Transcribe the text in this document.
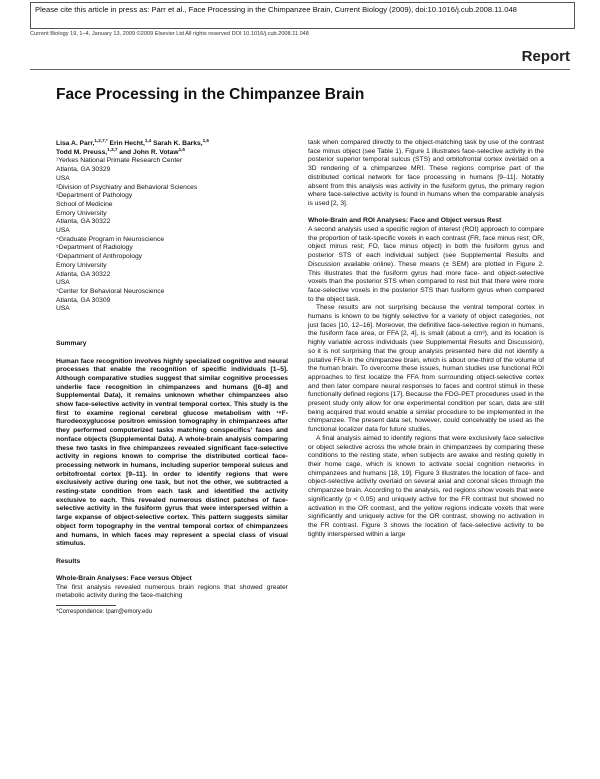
Please cite this article in press as: Parr et al., Face Processing in the Chimpanzee Brain, Current Biology (2009), doi:10.1016/j.cub.2008.11.048
Current Biology 19, 1–4, January 13, 2009 ©2009 Elsevier Ltd All rights reserved DOI 10.1016/j.cub.2008.11.048
Report
Face Processing in the Chimpanzee Brain

Lisa A. Parr,$^{1,2,7,*}$ Erin Hecht,$^{1,4}$ Sarah K. Barks,$^{1,6}$
Todd M. Preuss,$^{1,3,7}$ and John R. Votaw$^{1,5}$

¹Yerkes National Primate Research Center
Atlanta, GA 30329
USA
²Division of Psychiatry and Behavioral Sciences
³Department of Pathology
School of Medicine
Emory University
Atlanta, GA 30322
USA
⁴Graduate Program in Neuroscience
⁵Department of Radiology
⁶Department of Anthropology
Emory University
Atlanta, GA 30322
USA
⁷Center for Behavioral Neuroscience
Atlanta, GA 30309
USA

Summary

Human face recognition involves highly specialized cognitive and neural processes that enable the recognition of specific individuals [1–5]. Although comparative studies suggest that similar cognitive processes underlie face recognition in chimpanzees and humans ([6–8] and Supplemental Data), it remains unknown whether chimpanzees also show face-selective activity in ventral temporal cortex. This study is the first to examine regional cerebral glucose metabolism with ¹⁸F-flurodeoxyglucose positron emission tomography in chimpanzees after they performed computerized tasks matching conspecifics' faces and nonface objects (Supplemental Data). A whole-brain analysis comparing these two tasks in five chimpanzees revealed significant face-selective activity in regions known to comprise the distributed cortical face-processing network in humans, including superior temporal sulcus and orbitofrontal cortex [9–11]. In order to identify regions that were exclusively active during one task, but not the other, we subtracted a resting-state condition from each task and identified the activity exclusive to each. This revealed numerous distinct patches of face-selective activity in the fusiform gyrus that were interspersed within a large expanse of object-selective cortex. This pattern suggests similar object form topography in the ventral temporal cortex of chimpanzees and humans, in which faces may represent a special class of visual stimulus.

Results

Whole-Brain Analyses: Face versus Object

The first analysis revealed numerous brain regions that showed greater metabolic activity during the face-matching

*Correspondence: lparr@emory.edu

task when compared directly to the object-matching task by use of the contrast face minus object (see Table 1). Figure 1 illustrates face-selective activity in the posterior superior temporal sulcus (STS) and orbitofrontal cortex overlaid on a 3D rendering of a chimpanzee MRI. These regions comprise part of the distributed cortical network for face processing in humans [9–11]. Notably absent from this analysis was activity in the fusiform gyrus, the primary region where face-selective activity is found in humans when the comparable analysis is used [2, 3].

Whole-Brain and ROI Analyses: Face and Object versus Rest

A second analysis used a specific region of interest (ROI) approach to compare the proportion of task-specific voxels in each contrast (FR, face minus rest; OR, object minus rest; FO, face minus object) in both the fusiform gyrus and posterior STS of each individual subject (see Supplemental Results and Discussion available online). These means (± SEM) are plotted in Figure 2. This illustrates that the fusiform gyrus had more face- and object-selective voxels than the posterior STS when compared to rest but that there were more face-selective voxels in the posterior STS than fusiform gyrus when compared to the object task.

These results are not surprising because the ventral temporal cortex in humans is known to be highly selective for a variety of object categories, not just faces [10, 12–16]. Moreover, the definitive face-selective region in humans, the fusiform face area, or FFA [2, 4], is small (about a cm³), and its location is highly variable across individuals (see Supplemental Results and Discussion), so it is not surprising that the group analysis presented here did not identify a putative FFA in the chimpanzee brain, which is about one-third of the volume of the human brain. To overcome these issues, human studies use functional ROI approaches to first localize the FFA from surrounding object-selective cortex and then later compare neural responses to faces and control stimuli in these functionally defined regions [17]. Because the FDG-PET procedures used in the present study only allow for one experimental condition per scan, data are still being acquired that would enable a similar procedure to be implemented in the chimpanzee. The present data set, however, could conceivably be used as the functional localizer data for future studies.

A final analysis aimed to identify regions that were exclusively face selective or object selective across the whole brain in chimpanzees by comparing these conditions to the resting state, when subjects are awake and resting quietly in their home cage, which is known to activate social cognition networks in chimpanzees and humans [18, 19]. Figure 3 illustrates the location of face- and object-selective activity overlaid on several axial and coronal slices through the chimpanzee brain. According to the analysis, red regions show voxels that were significantly (p < 0.05) and uniquely active for the FR contrast but showed no activation in the OR contrast, and the yellow regions indicate voxels that were significantly and uniquely active for the OR contrast, showing no activation in the FR contrast. Figure 3 shows the location of face-selective activity to be tightly interspersed within a large
